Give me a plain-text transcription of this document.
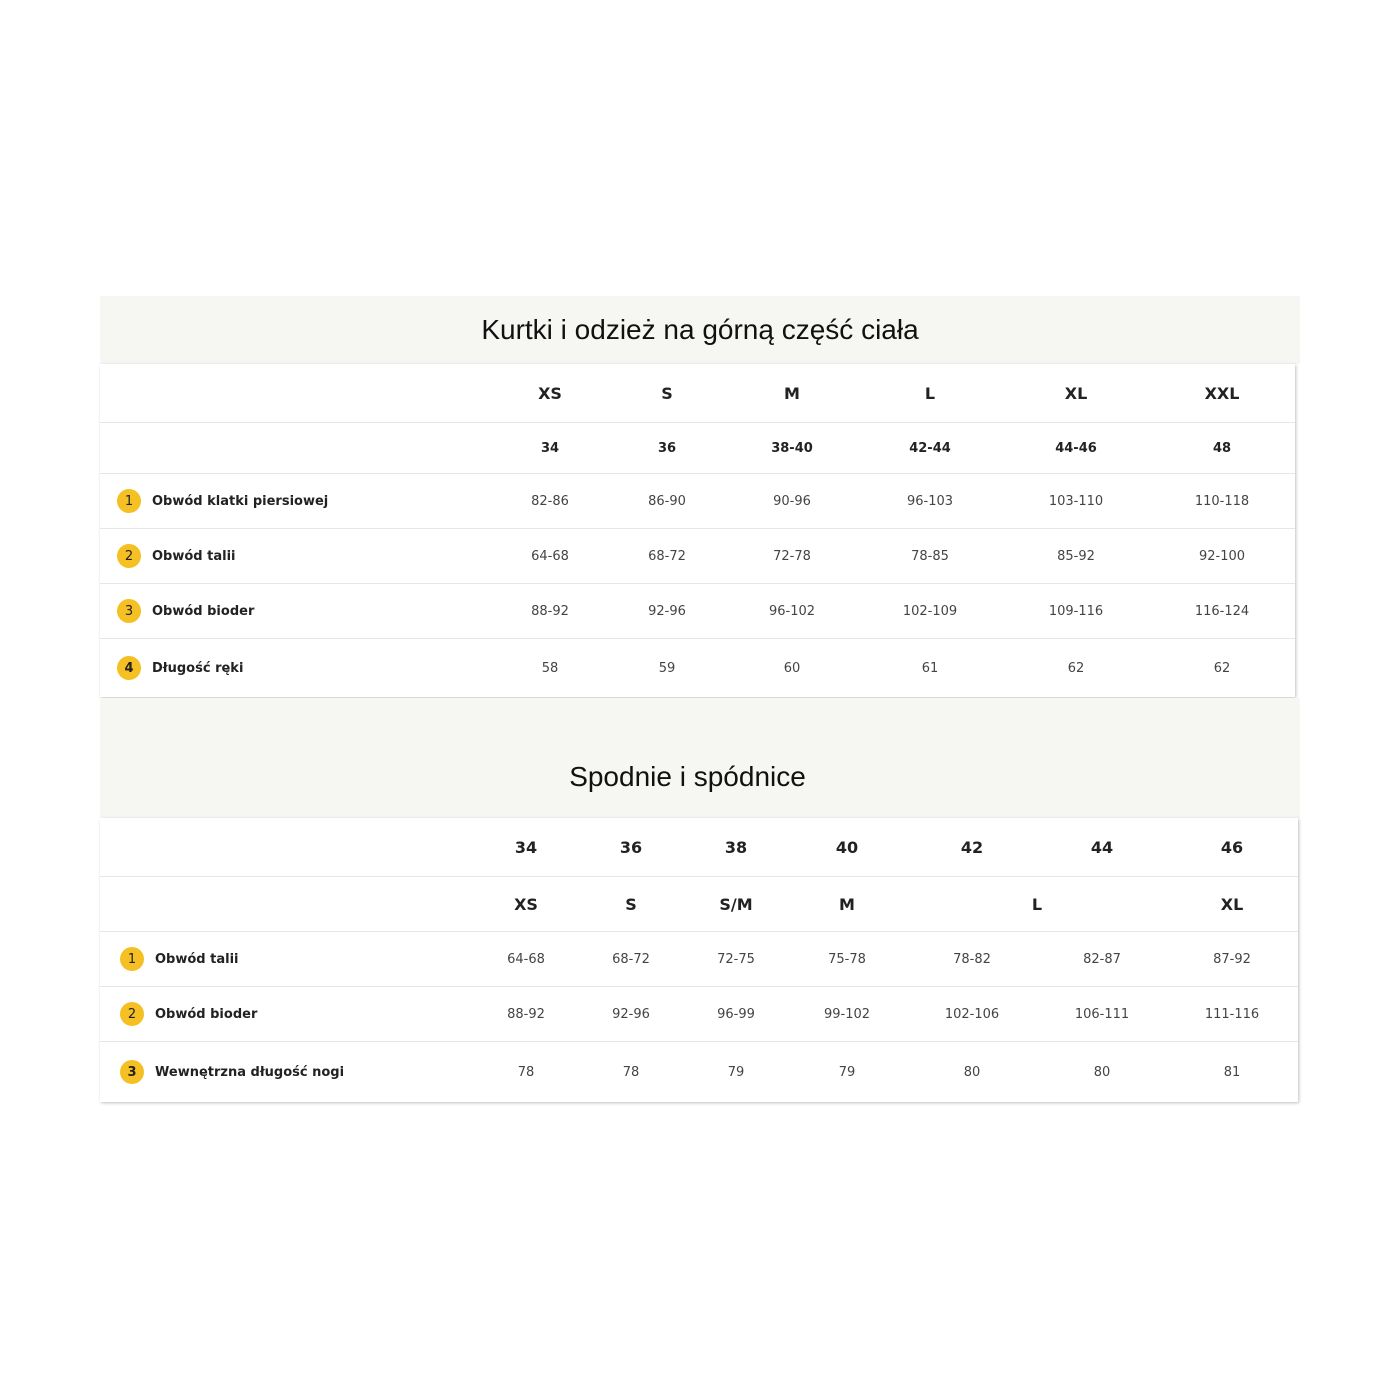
Kurtki i odzież na górną część ciała
XS	S	M	L	XL	XXL
34	36	38-40	42-44	44-46	48
1	Obwód klatki piersiowej	82-86	86-90	90-96	96-103	103-110	110-118
2	Obwód talii	64-68	68-72	72-78	78-85	85-92	92-100
3	Obwód bioder	88-92	92-96	96-102	102-109	109-116	116-124
4	Długość ręki	58	59	60	61	62	62
Spodnie i spódnice
34	36	38	40	42	44	46
XS	S	S/M	M	L	XL
1	Obwód talii	64-68	68-72	72-75	75-78	78-82	82-87	87-92
2	Obwód bioder	88-92	92-96	96-99	99-102	102-106	106-111	111-116
3	Wewnętrzna długość nogi	78	78	79	79	80	80	81
